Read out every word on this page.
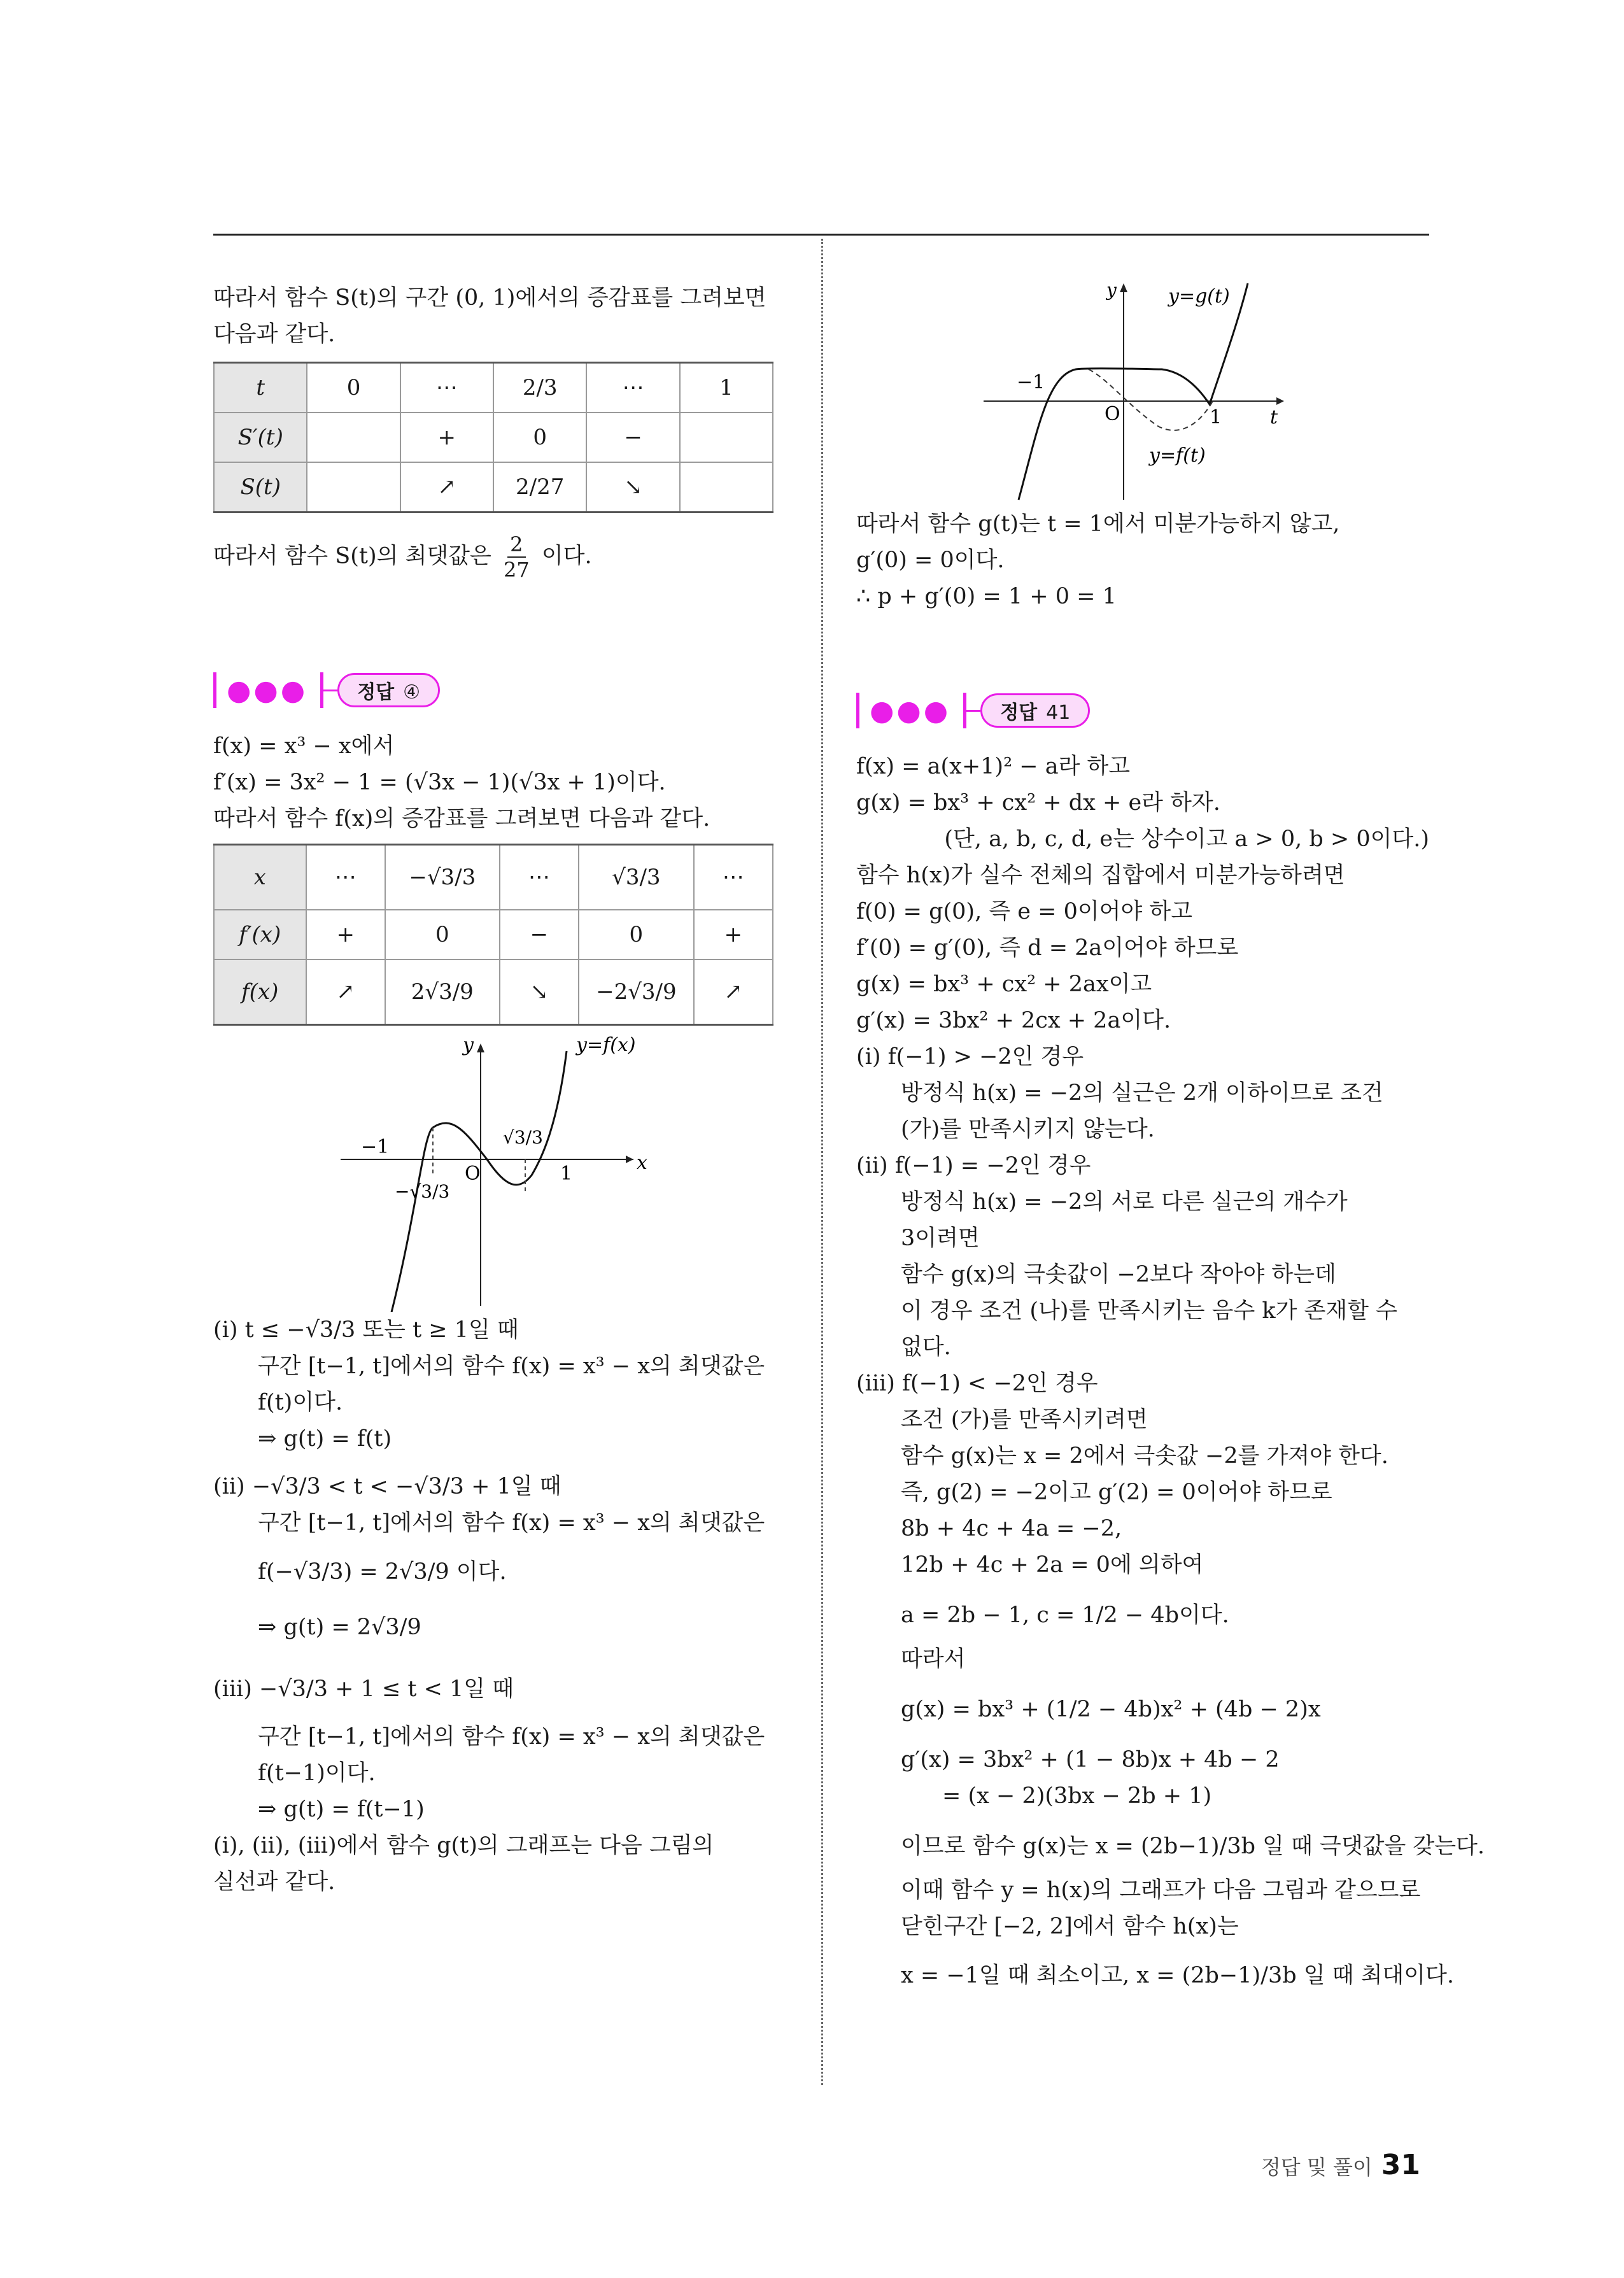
따라서 함수 S(t)의 구간 (0, 1)에서의 증감표를 그려보면
다음과 같다.
t	0	⋯	2/3	⋯	1
S′(t)		+	0	−	
S(t)		↗	2/27	↘	
따라서 함수 S(t)의 최댓값은 $\frac{2}{27}$ 이다.
●●●	정답 ④
f(x) = x³ − x에서
f′(x) = 3x² − 1 = (√3x − 1)(√3x + 1)이다.
따라서 함수 f(x)의 증감표를 그려보면 다음과 같다.
x	⋯	−√3/3	⋯	√3/3	⋯
f′(x)	+	0	−	0	+
f(x)	↗	2√3/9	↘	−2√3/9	↗
y	y=f(x)
x
O
−1
1
√3/3
−√3/3
(ⅰ) t ≤ −√3/3 또는 t ≥ 1일 때
구간 [t−1, t]에서의 함수 f(x) = x³ − x의 최댓값은
f(t)이다.
⇒ g(t) = f(t)
(ⅱ) −√3/3 < t < −√3/3 + 1일 때
구간 [t−1, t]에서의 함수 f(x) = x³ − x의 최댓값은
f(−√3/3) = 2√3/9 이다.
⇒ g(t) = 2√3/9
(ⅲ) −√3/3 + 1 ≤ t < 1일 때
구간 [t−1, t]에서의 함수 f(x) = x³ − x의 최댓값은
f(t−1)이다.
⇒ g(t) = f(t−1)
(ⅰ), (ⅱ), (ⅲ)에서 함수 g(t)의 그래프는 다음 그림의
실선과 같다.
y	y=g(t)
y=f(t)
O
−1
1	t
따라서 함수 g(t)는 t = 1에서 미분가능하지 않고,
g′(0) = 0이다.
∴ p + g′(0) = 1 + 0 = 1
●●●	정답 41
f(x) = a(x+1)² − a라 하고
g(x) = bx³ + cx² + dx + e라 하자.
(단, a, b, c, d, e는 상수이고 a > 0, b > 0이다.)
함수 h(x)가 실수 전체의 집합에서 미분가능하려면
f(0) = g(0), 즉 e = 0이어야 하고
f′(0) = g′(0), 즉 d = 2a이어야 하므로
g(x) = bx³ + cx² + 2ax이고
g′(x) = 3bx² + 2cx + 2a이다.
(ⅰ) f(−1) > −2인 경우
방정식 h(x) = −2의 실근은 2개 이하이므로 조건
(가)를 만족시키지 않는다.
(ⅱ) f(−1) = −2인 경우
방정식 h(x) = −2의 서로 다른 실근의 개수가
3이려면
함수 g(x)의 극솟값이 −2보다 작아야 하는데
이 경우 조건 (나)를 만족시키는 음수 k가 존재할 수
없다.
(ⅲ) f(−1) < −2인 경우
조건 (가)를 만족시키려면
함수 g(x)는 x = 2에서 극솟값 −2를 가져야 한다.
즉, g(2) = −2이고 g′(2) = 0이어야 하므로
8b + 4c + 4a = −2,
12b + 4c + 2a = 0에 의하여
a = 2b − 1, c = 1/2 − 4b이다.
따라서
g(x) = bx³ + (1/2 − 4b)x² + (4b − 2)x
g′(x) = 3bx² + (1 − 8b)x + 4b − 2
= (x − 2)(3bx − 2b + 1)
이므로 함수 g(x)는 x = (2b−1)/3b 일 때 극댓값을 갖는다.
이때 함수 y = h(x)의 그래프가 다음 그림과 같으므로
닫힌구간 [−2, 2]에서 함수 h(x)는
x = −1일 때 최소이고, x = (2b−1)/3b 일 때 최대이다.
정답 및 풀이 31
